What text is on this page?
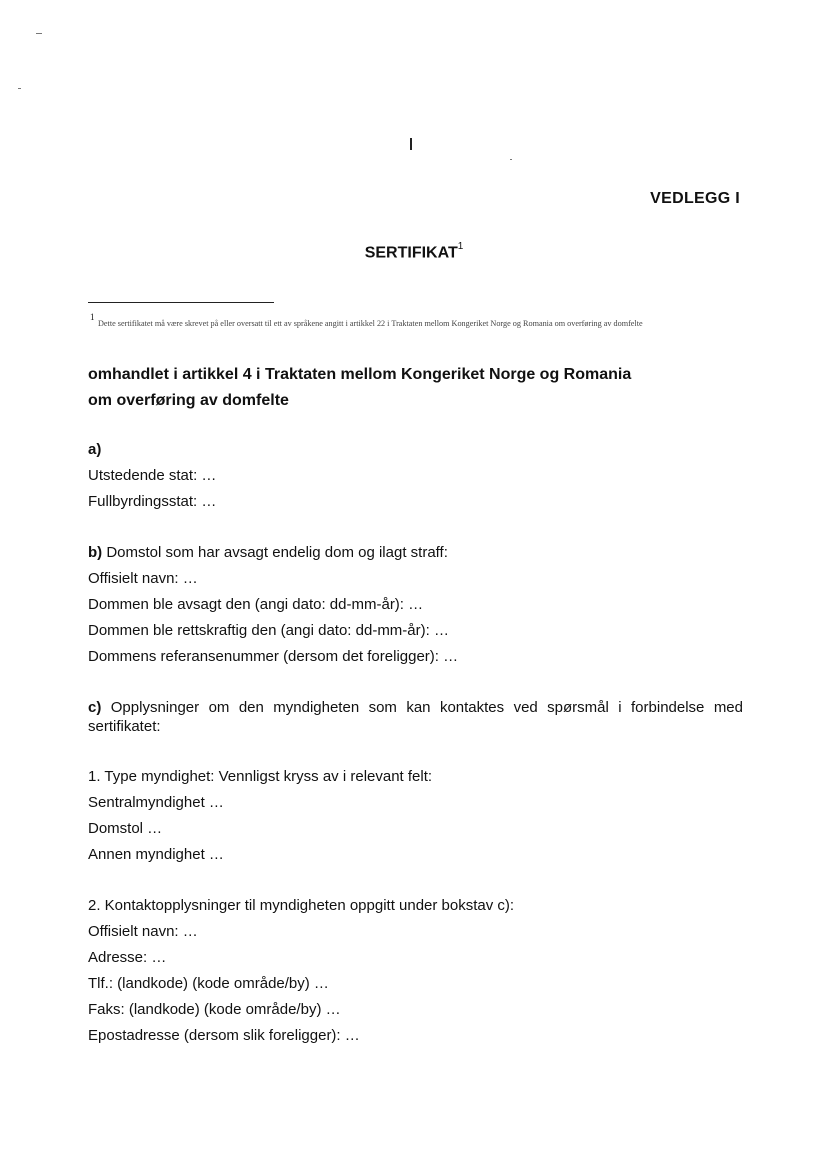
VEDLEGG I
SERTIFIKAT$^1$
1
Dette sertifikatet må være skrevet på eller oversatt til ett av språkene angitt i artikkel 22 i Traktaten mellom Kongeriket Norge og Romania om overføring av domfelte
omhandlet i artikkel 4 i Traktaten mellom Kongeriket Norge og Romania
om overføring av domfelte
a)
Utstedende stat: …
Fullbyrdingsstat: …
b) Domstol som har avsagt endelig dom og ilagt straff:
Offisielt navn: …
Dommen ble avsagt den (angi dato: dd-mm-år): …
Dommen ble rettskraftig den (angi dato: dd-mm-år): …
Dommens referansenummer (dersom det foreligger): …
c) Opplysninger om den myndigheten som kan kontaktes ved spørsmål i forbindelse med sertifikatet:
1. Type myndighet: Vennligst kryss av i relevant felt:
Sentralmyndighet …
Domstol …
Annen myndighet …
2. Kontaktopplysninger til myndigheten oppgitt under bokstav c):
Offisielt navn: …
Adresse: …
Tlf.: (landkode) (kode område/by) …
Faks: (landkode) (kode område/by) …
Epostadresse (dersom slik foreligger): …
